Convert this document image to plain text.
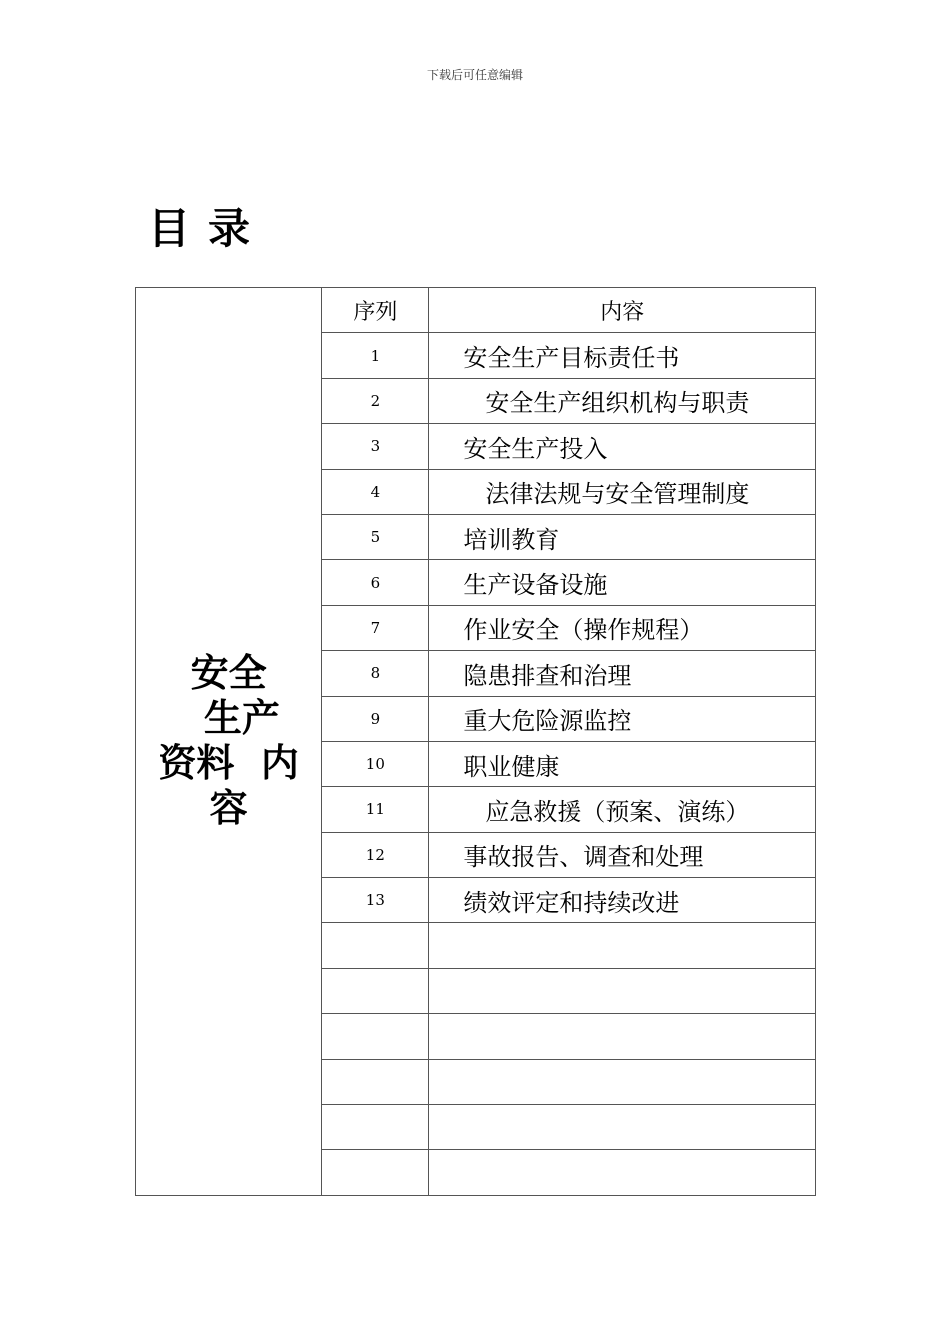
下载后可任意编辑
目录
安全
生产
资料  内
容	序列	内容
	1	安全生产目标责任书
	2	安全生产组织机构与职责
	3	安全生产投入
	4	法律法规与安全管理制度
	5	培训教育
	6	生产设备设施
	7	作业安全（操作规程）
	8	隐患排查和治理
	9	重大危险源监控
	10	职业健康
	11	应急救援（预案、演练）
	12	事故报告、调查和处理
	13	绩效评定和持续改进
